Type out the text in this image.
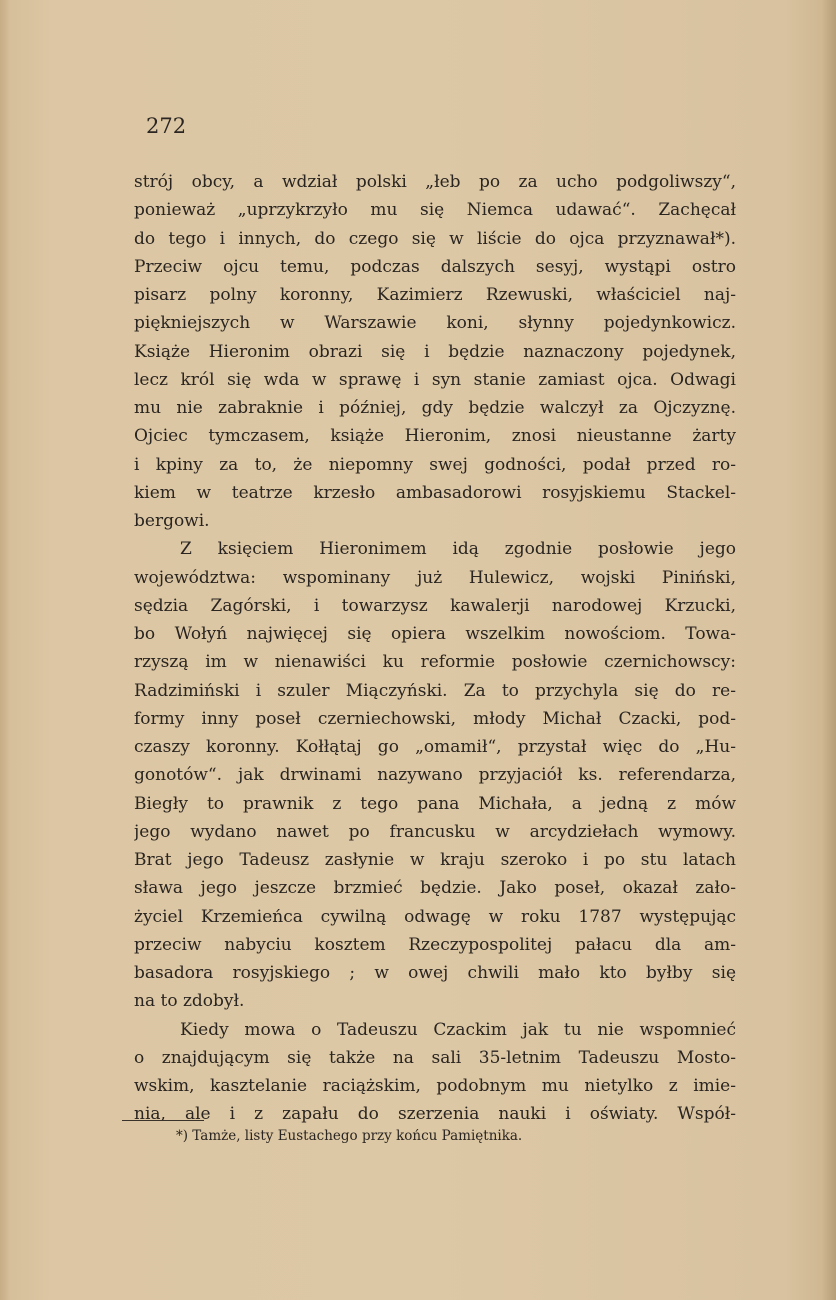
272
strój obcy, a wdział polski „łeb po za ucho podgoliwszy“,
ponieważ „uprzykrzyło mu się Niemca udawać“. Zachęcał
do tego i innych, do czego się w liście do ojca przyznawał*).
Przeciw ojcu temu, podczas dalszych sesyj, wystąpi ostro
pisarz polny koronny, Kazimierz Rzewuski, właściciel naj-
piękniejszych w Warszawie koni, słynny pojedynkowicz.
Książe Hieronim obrazi się i będzie naznaczony pojedynek,
lecz król się wda w sprawę i syn stanie zamiast ojca. Odwagi
mu nie zabraknie i później, gdy będzie walczył za Ojczyznę.
Ojciec tymczasem, książe Hieronim, znosi nieustanne żarty
i kpiny za to, że niepomny swej godności, podał przed ro-
kiem w teatrze krzesło ambasadorowi rosyjskiemu Stackel-
bergowi.
Z księciem Hieronimem idą zgodnie posłowie jego
województwa: wspominany już Hulewicz, wojski Piniński,
sędzia Zagórski, i towarzysz kawalerji narodowej Krzucki,
bo Wołyń najwięcej się opiera wszelkim nowościom. Towa-
rzyszą im w nienawiści ku reformie posłowie czernichowscy:
Radzimiński i szuler Miączyński. Za to przychyla się do re-
formy inny poseł czerniechowski, młody Michał Czacki, pod-
czaszy koronny. Kołłątaj go „omamił“, przystał więc do „Hu-
gonotów“. jak drwinami nazywano przyjaciół ks. referendarza,
Biegły to prawnik z tego pana Michała, a jedną z mów
jego wydano nawet po francusku w arcydziełach wymowy.
Brat jego Tadeusz zasłynie w kraju szeroko i po stu latach
sława jego jeszcze brzmieć będzie. Jako poseł, okazał zało-
życiel Krzemieńca cywilną odwagę w roku 1787 występując
przeciw nabyciu kosztem Rzeczypospolitej pałacu dla am-
basadora rosyjskiego ; w owej chwili mało kto byłby się
na to zdobył.
Kiedy mowa o Tadeuszu Czackim jak tu nie wspomnieć
o znajdującym się także na sali 35-letnim Tadeuszu Mosto-
wskim, kasztelanie raciążskim, podobnym mu nietylko z imie-
nia, ale i z zapału do szerzenia nauki i oświaty. Współ-
*) Tamże, listy Eustachego przy końcu Pamiętnika.
